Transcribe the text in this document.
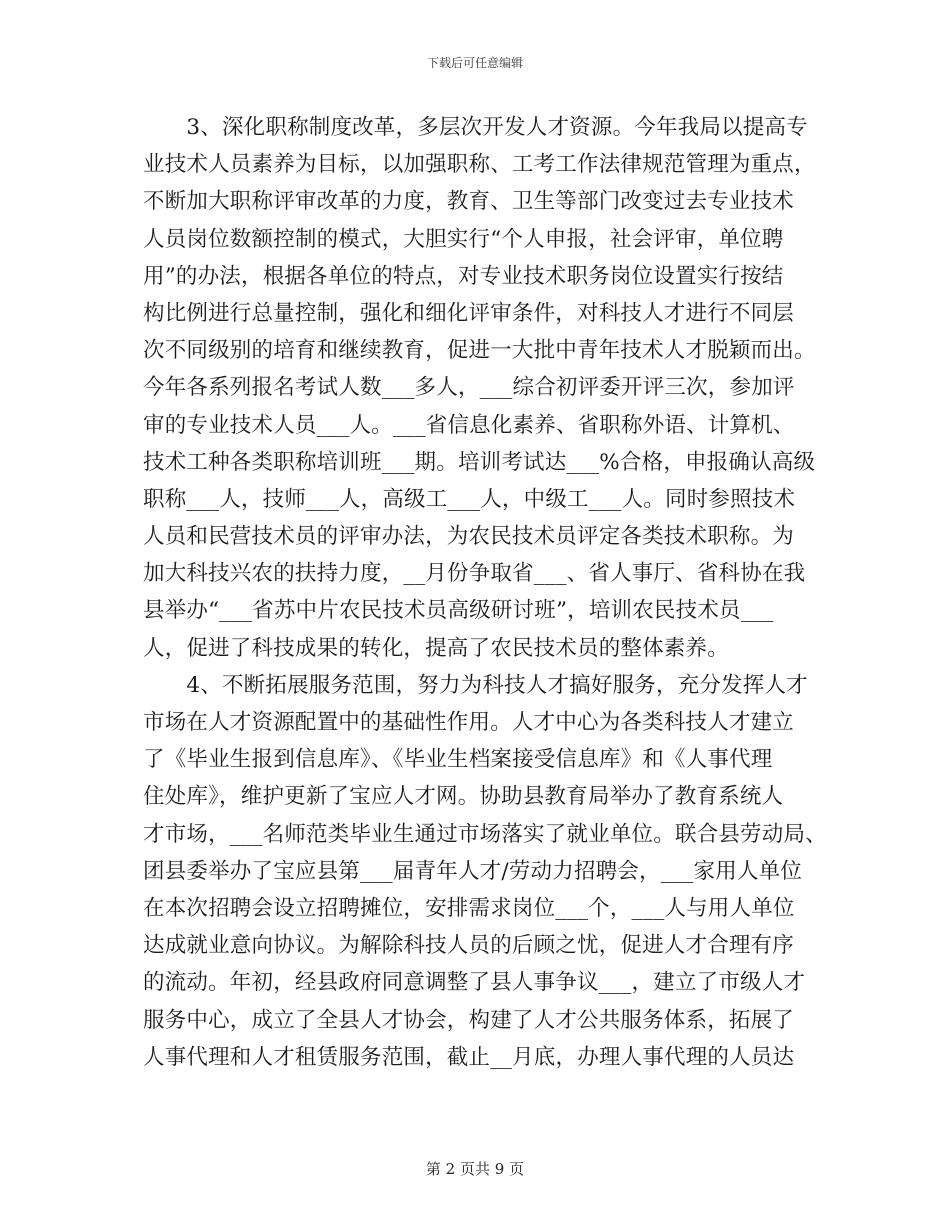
下载后可任意编辑
　　3、深化职称制度改革，多层次开发人才资源。今年我局以提高专
业技术人员素养为目标，以加强职称、工考工作法律规范管理为重点，
不断加大职称评审改革的力度，教育、卫生等部门改变过去专业技术
人员岗位数额控制的模式，大胆实行“个人申报，社会评审，单位聘
用”的办法，根据各单位的特点，对专业技术职务岗位设置实行按结
构比例进行总量控制，强化和细化评审条件，对科技人才进行不同层
次不同级别的培育和继续教育，促进一大批中青年技术人才脱颖而出。
今年各系列报名考试人数___多人，___综合初评委开评三次，参加评
审的专业技术人员___人。___省信息化素养、省职称外语、计算机、
技术工种各类职称培训班___期。培训考试达___%合格，申报确认高级
职称___人，技师___人，高级工___人，中级工___人。同时参照技术
人员和民营技术员的评审办法，为农民技术员评定各类技术职称。为
加大科技兴农的扶持力度，__月份争取省___、省人事厅、省科协在我
县举办“___省苏中片农民技术员高级研讨班”，培训农民技术员___
人，促进了科技成果的转化，提高了农民技术员的整体素养。
　　4、不断拓展服务范围，努力为科技人才搞好服务，充分发挥人才
市场在人才资源配置中的基础性作用。人才中心为各类科技人才建立
了《毕业生报到信息库》、《毕业生档案接受信息库》和《人事代理
住处库》，维护更新了宝应人才网。协助县教育局举办了教育系统人
才市场，___名师范类毕业生通过市场落实了就业单位。联合县劳动局、
团县委举办了宝应县第___届青年人才/劳动力招聘会，___家用人单位
在本次招聘会设立招聘摊位，安排需求岗位___个，___人与用人单位
达成就业意向协议。为解除科技人员的后顾之忧，促进人才合理有序
的流动。年初，经县政府同意调整了县人事争议___，建立了市级人才
服务中心，成立了全县人才协会，构建了人才公共服务体系，拓展了
人事代理和人才租赁服务范围，截止__月底，办理人事代理的人员达
第 2 页共 9 页
